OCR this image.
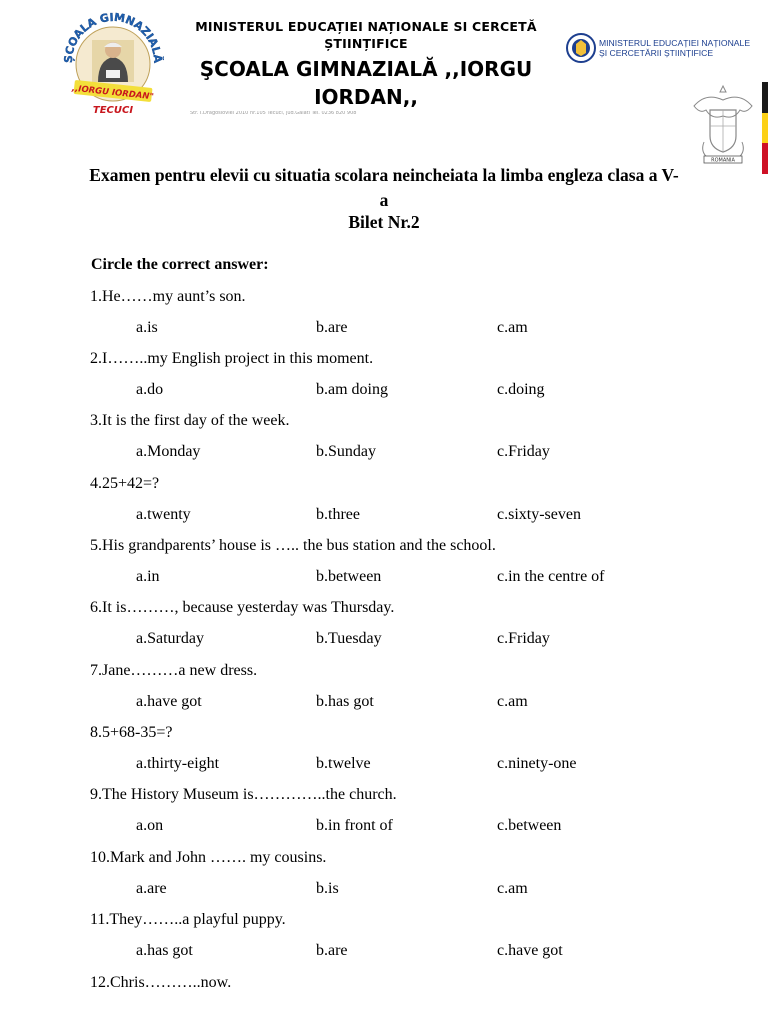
ȘCOALA GIMNAZIALĂ
,,IORGU IORDAN"
TECUCI
MINISTERUL EDUCAȚIEI NAȚIONALE SI CERCETĂ
ȘTIINȚIFICE
ŞCOALA GIMNAZIALĂ ,,IORGU
IORDAN,,
Str. I.Dragosloviei 2010 nr.105 Tecuci, jud.Galati Tel. 0236 820 908
MINISTERUL EDUCAȚIEI NAȚIONALE
ȘI CERCETĂRII ȘTIINȚIFICE
ROMANIA
Examen pentru elevii cu situatia scolara neincheiata la limba engleza clasa a V-
a
Bilet Nr.2
Circle the correct answer:
1.He……my aunt’s son.
a.is	b.are	c.am
2.I……..my English project in this moment.
a.do	b.am doing	c.doing
3.It is the first day of the week.
a.Monday	b.Sunday	c.Friday
4.25+42=?
a.twenty	b.three	c.sixty-seven
5.His grandparents’ house is ….. the bus station and the school.
a.in	b.between	c.in the centre of
6.It is………, because yesterday was Thursday.
a.Saturday	b.Tuesday	c.Friday
7.Jane………a new dress.
a.have got	b.has got	c.am
8.5+68-35=?
a.thirty-eight	b.twelve	c.ninety-one
9.The History Museum is…………..the church.
a.on	b.in front of	c.between
10.Mark and John ……. my cousins.
a.are	b.is	c.am
11.They……..a playful puppy.
a.has got	b.are	c.have got
12.Chris………..now.
